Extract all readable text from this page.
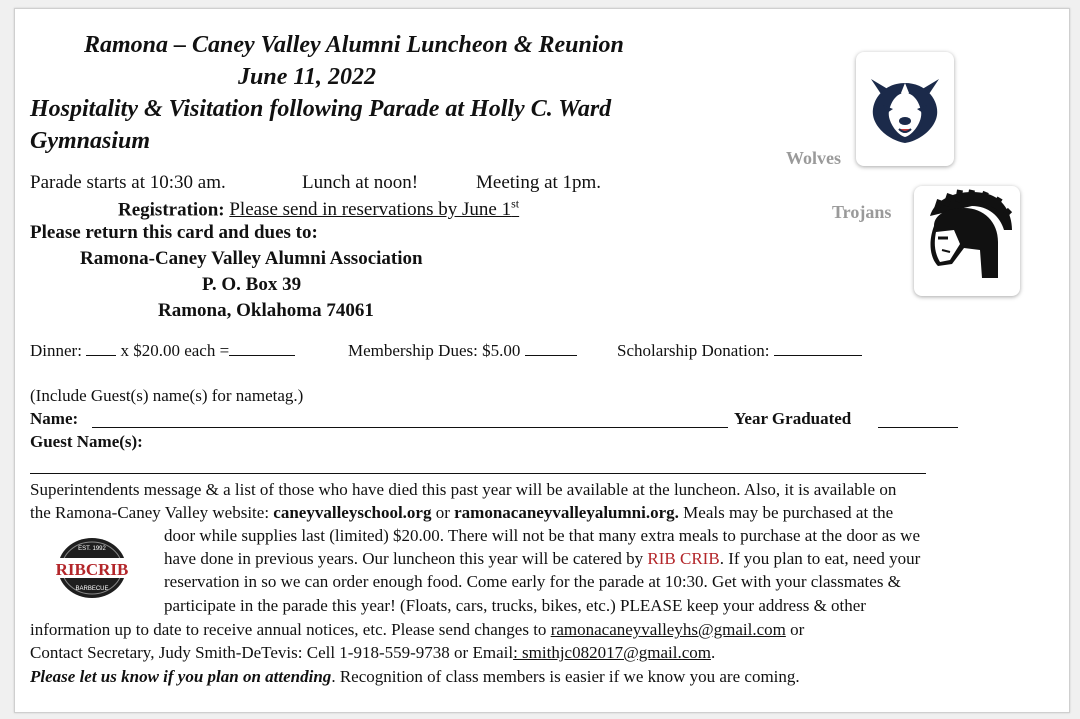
Ramona – Caney Valley Alumni Luncheon & Reunion
June 11, 2022
Hospitality & Visitation following Parade at Holly C. Ward
Gymnasium
Parade starts at 10:30 am.	Lunch at noon!	Meeting at 1pm.
Registration: Please send in reservations by June 1st
Please return this card and dues to:
Ramona-Caney Valley Alumni Association
P. O. Box 39
Ramona, Oklahoma 74061
Wolves
Trojans
Dinner: x $20.00 each =	Membership Dues: $5.00	Scholarship Donation:
(Include Guest(s) name(s) for nametag.)
Name:	Year Graduated
Guest Name(s):
Superintendents message & a list of those who have died this past year will be available at the luncheon. Also, it is available on
the Ramona-Caney Valley website: caneyvalleyschool.org or ramonacaneyvalleyalumni.org. Meals may be purchased at the
EST. 1992
RIBCRIB
BARBECUE
door while supplies last (limited) $20.00. There will not be that many extra meals to purchase at the door as we
have done in previous years. Our luncheon this year will be catered by RIB CRIB. If you plan to eat, need your
reservation in so we can order enough food. Come early for the parade at 10:30. Get with your classmates &
participate in the parade this year! (Floats, cars, trucks, bikes, etc.) PLEASE keep your address & other
information up to date to receive annual notices, etc. Please send changes to ramonacaneyvalleyhs@gmail.com or
Contact Secretary, Judy Smith-DeTevis: Cell 1-918-559-9738 or Email: smithjc082017@gmail.com.
Please let us know if you plan on attending. Recognition of class members is easier if we know you are coming.
